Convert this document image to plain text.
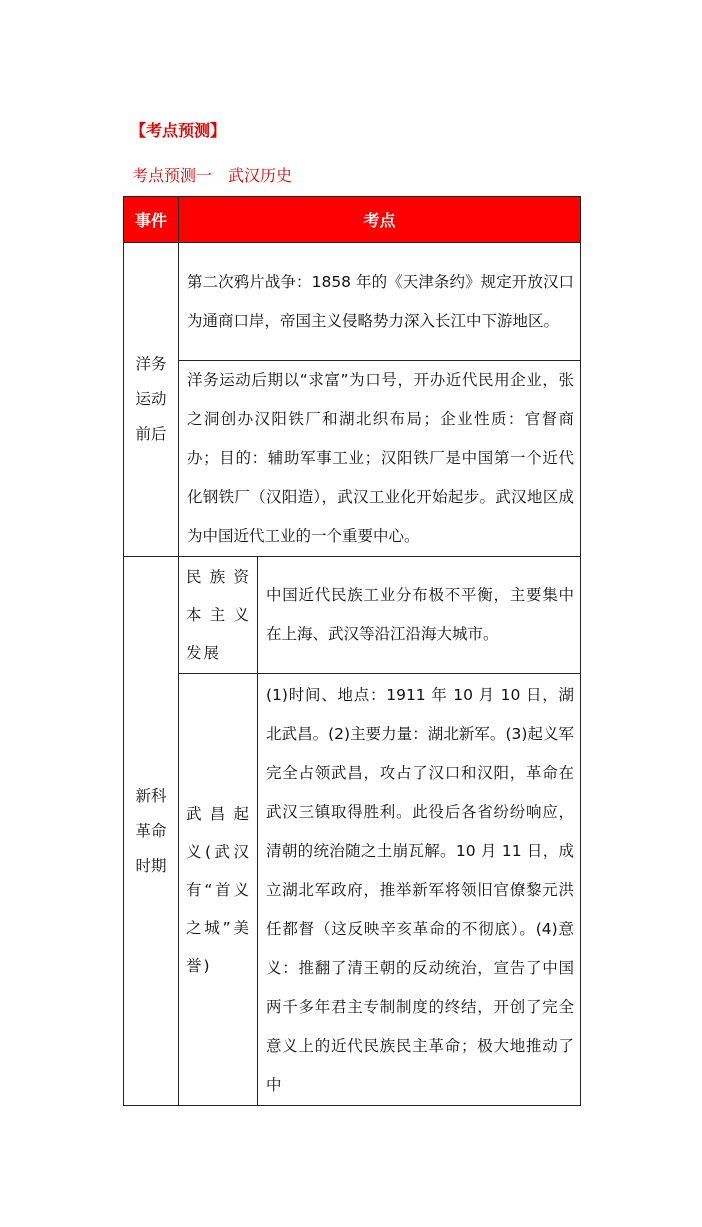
【考点预测】
考点预测一　武汉历史
事件	考点	
洋务运动前后	第二次鸦片战争：1858 年的《天津条约》规定开放汉口为通商口岸，帝国主义侵略势力深入长江中下游地区。	
	洋务运动后期以“求富”为口号，开办近代民用企业，张之洞创办汉阳铁厂和湖北织布局；企业性质：官督商办；目的：辅助军事工业；汉阳铁厂是中国第一个近代化钢铁厂（汉阳造），武汉工业化开始起步。武汉地区成为中国近代工业的一个重要中心。	
新科革命时期	民族资本主义发展	中国近代民族工业分布极不平衡，主要集中在上海、武汉等沿江沿海大城市。
	武昌起义(武汉有“首义之城”美誉)	(1)时间、地点：1911 年 10 月 10 日，湖北武昌。(2)主要力量：湖北新军。(3)起义军完全占领武昌，攻占了汉口和汉阳，革命在武汉三镇取得胜利。此役后各省纷纷响应，清朝的统治随之土崩瓦解。10 月 11 日，成立湖北军政府，推举新军将领旧官僚黎元洪任都督（这反映辛亥革命的不彻底）。(4)意义：推翻了清王朝的反动统治，宣告了中国两千多年君主专制制度的终结，开创了完全意义上的近代民族民主革命；极大地推动了中
